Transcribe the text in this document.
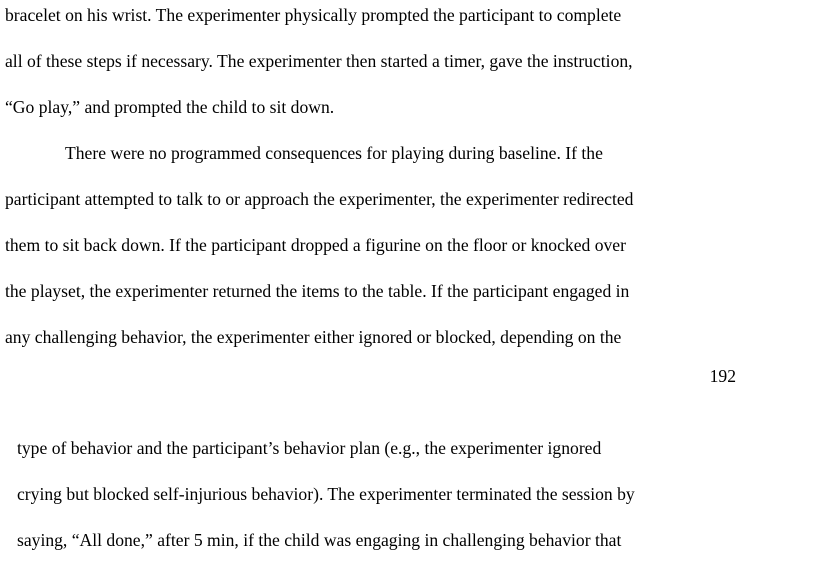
bracelet on his wrist. The experimenter physically prompted the participant to complete
all of these steps if necessary. The experimenter then started a timer, gave the instruction,
“Go play,” and prompted the child to sit down.
There were no programmed consequences for playing during baseline. If the
participant attempted to talk to or approach the experimenter, the experimenter redirected
them to sit back down. If the participant dropped a figurine on the floor or knocked over
the playset, the experimenter returned the items to the table. If the participant engaged in
any challenging behavior, the experimenter either ignored or blocked, depending on the
192
type of behavior and the participant’s behavior plan (e.g., the experimenter ignored
crying but blocked self-injurious behavior). The experimenter terminated the session by
saying, “All done,” after 5 min, if the child was engaging in challenging behavior that
